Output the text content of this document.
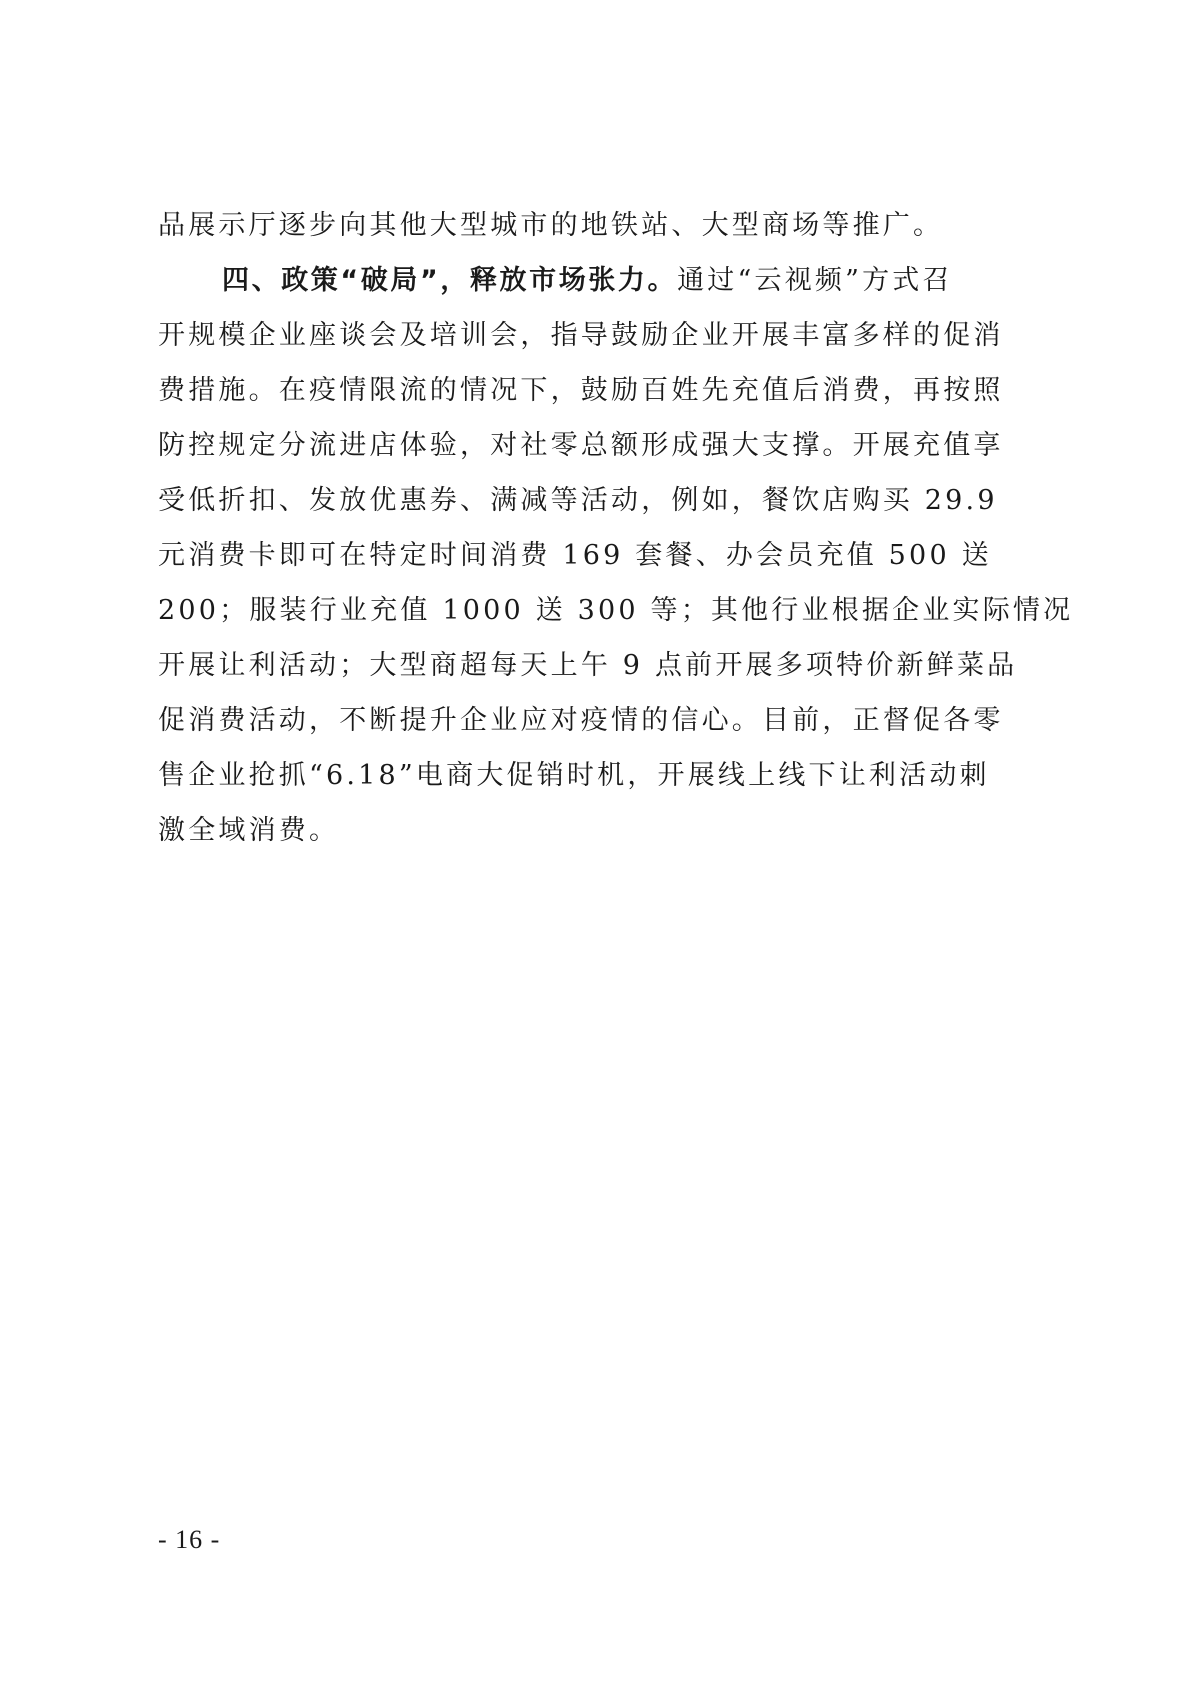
品展示厅逐步向其他大型城市的地铁站、大型商场等推广。
四、政策“破局”，释放市场张力。通过“云视频”方式召
开规模企业座谈会及培训会，指导鼓励企业开展丰富多样的促消
费措施。在疫情限流的情况下，鼓励百姓先充值后消费，再按照
防控规定分流进店体验，对社零总额形成强大支撑。开展充值享
受低折扣、发放优惠券、满减等活动，例如，餐饮店购买 29.9
元消费卡即可在特定时间消费 169 套餐、办会员充值 500 送
200；服装行业充值 1000 送 300 等；其他行业根据企业实际情况
开展让利活动；大型商超每天上午 9 点前开展多项特价新鲜菜品
促消费活动，不断提升企业应对疫情的信心。目前，正督促各零
售企业抢抓“6.18”电商大促销时机，开展线上线下让利活动刺
激全域消费。
- 16 -
